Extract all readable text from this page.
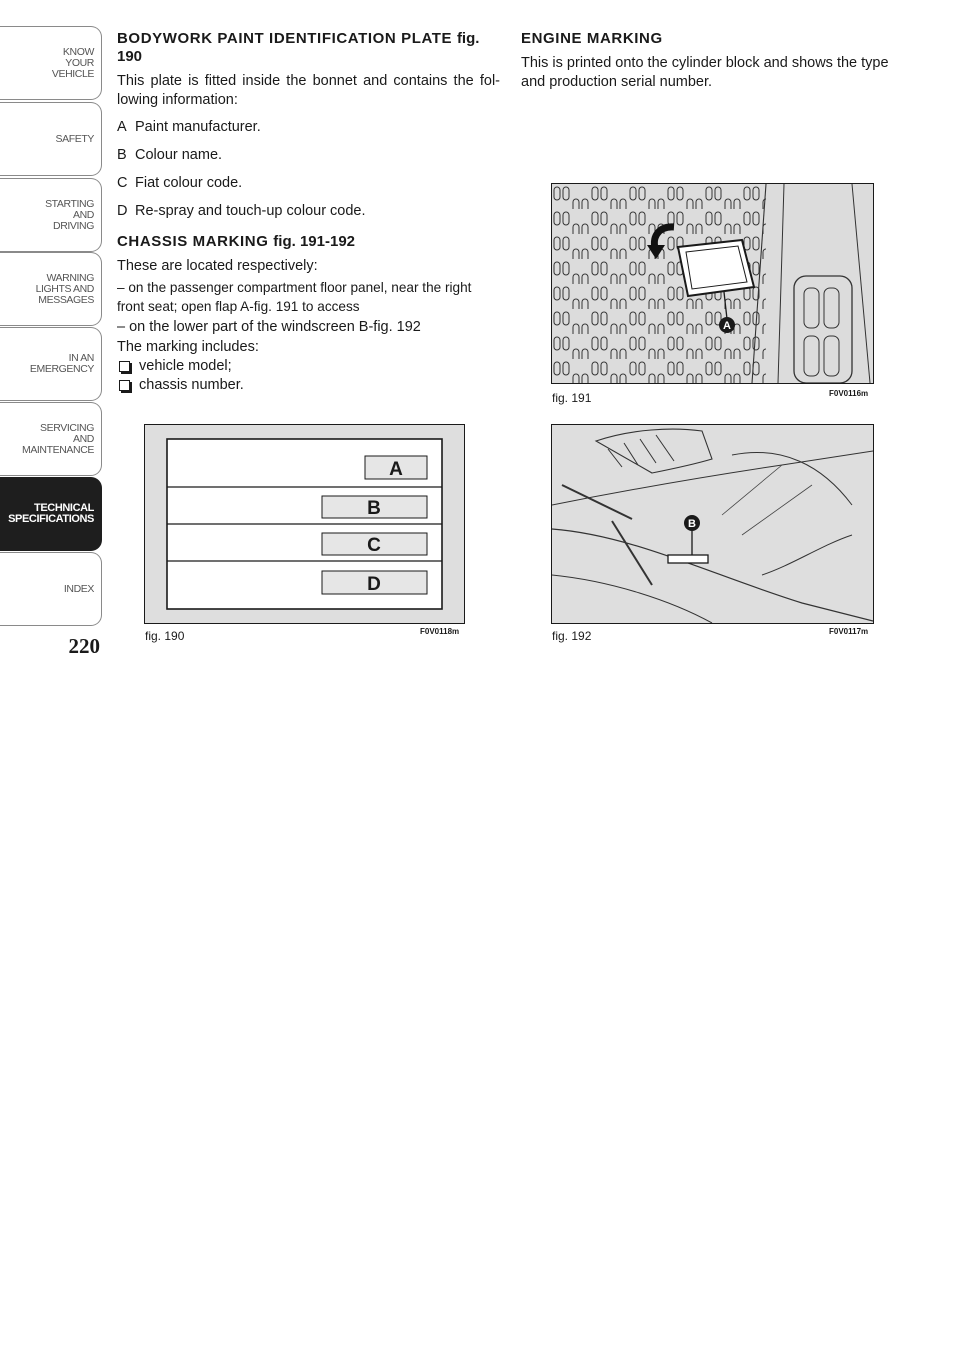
KNOW
YOUR
VEHICLE
SAFETY
STARTING
AND
DRIVING
WARNING
LIGHTS AND
MESSAGES
IN AN
EMERGENCY
SERVICING
AND
MAINTENANCE
TECHNICAL
SPECIFICATIONS
INDEX
220
BODYWORK PAINT IDENTIFICATION PLATE fig. 190

This plate is fitted inside the bonnet and contains the fol-lowing information:

A Paint manufacturer.
B Colour name.
C Fiat colour code.
D Re-spray and touch-up colour code.
CHASSIS MARKING fig. 191-192

These are located respectively:

– on the passenger compartment floor panel, near the right front seat; open flap A-fig. 191 to access

– on the lower part of the windscreen B-fig. 192

The marking includes:

vehicle model;
chassis number.
ENGINE MARKING

This is printed onto the cylinder block and shows the type and production serial number.

A
B
C
D
fig. 190	F0V0118m
A
fig. 191	F0V0116m
B
fig. 192	F0V0117m
